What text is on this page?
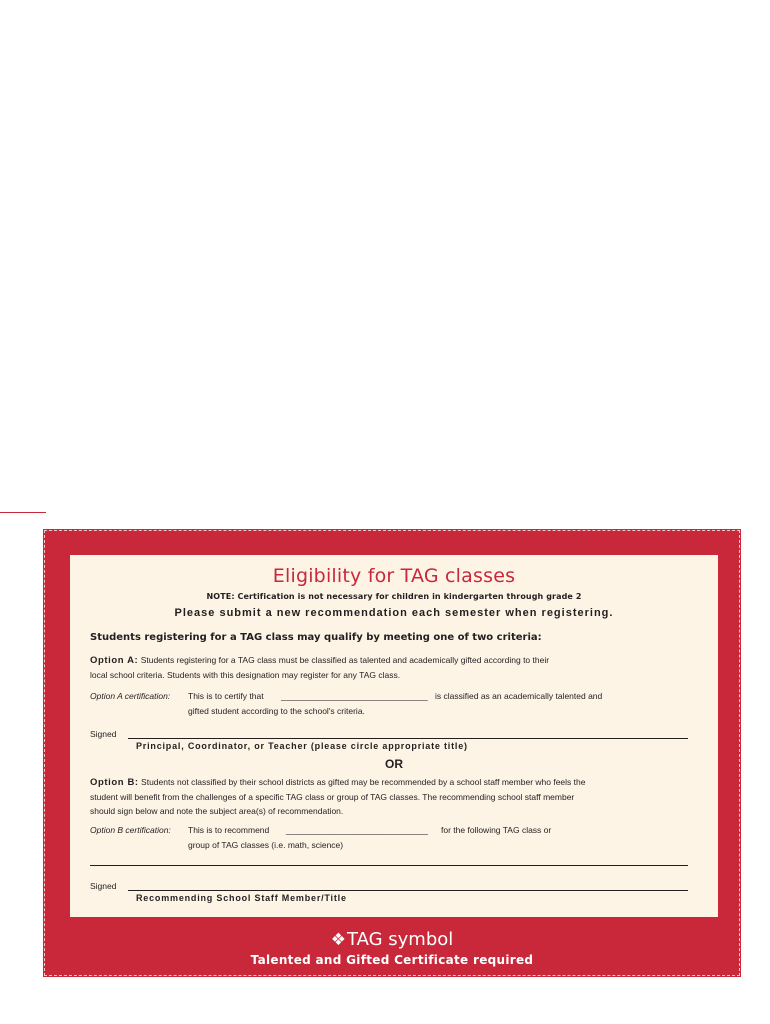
Eligibility for TAG classes
NOTE: Certification is not necessary for children in kindergarten through grade 2
Please submit a new recommendation each semester when registering.
Students registering for a TAG class may qualify by meeting one of two criteria:
Option A: Students registering for a TAG class must be classified as talented and academically gifted according to their
local school criteria. Students with this designation may register for any TAG class.
Option A certification: This is to certify that _______________________________ is classified as an academically talented and
gifted student according to the school's criteria.
Signed
Principal, Coordinator, or Teacher (please circle appropriate title)
OR
Option B: Students not classified by their school districts as gifted may be recommended by a school staff member who feels the
student will benefit from the challenges of a specific TAG class or group of TAG classes. The recommending school staff member
should sign below and note the subject area(s) of recommendation.
Option B certification: This is to recommend ______________________________ for the following TAG class or
group of TAG classes (i.e. math, science)
Signed
Recommending School Staff Member/Title
❖TAG symbol
Talented and Gifted Certificate required
